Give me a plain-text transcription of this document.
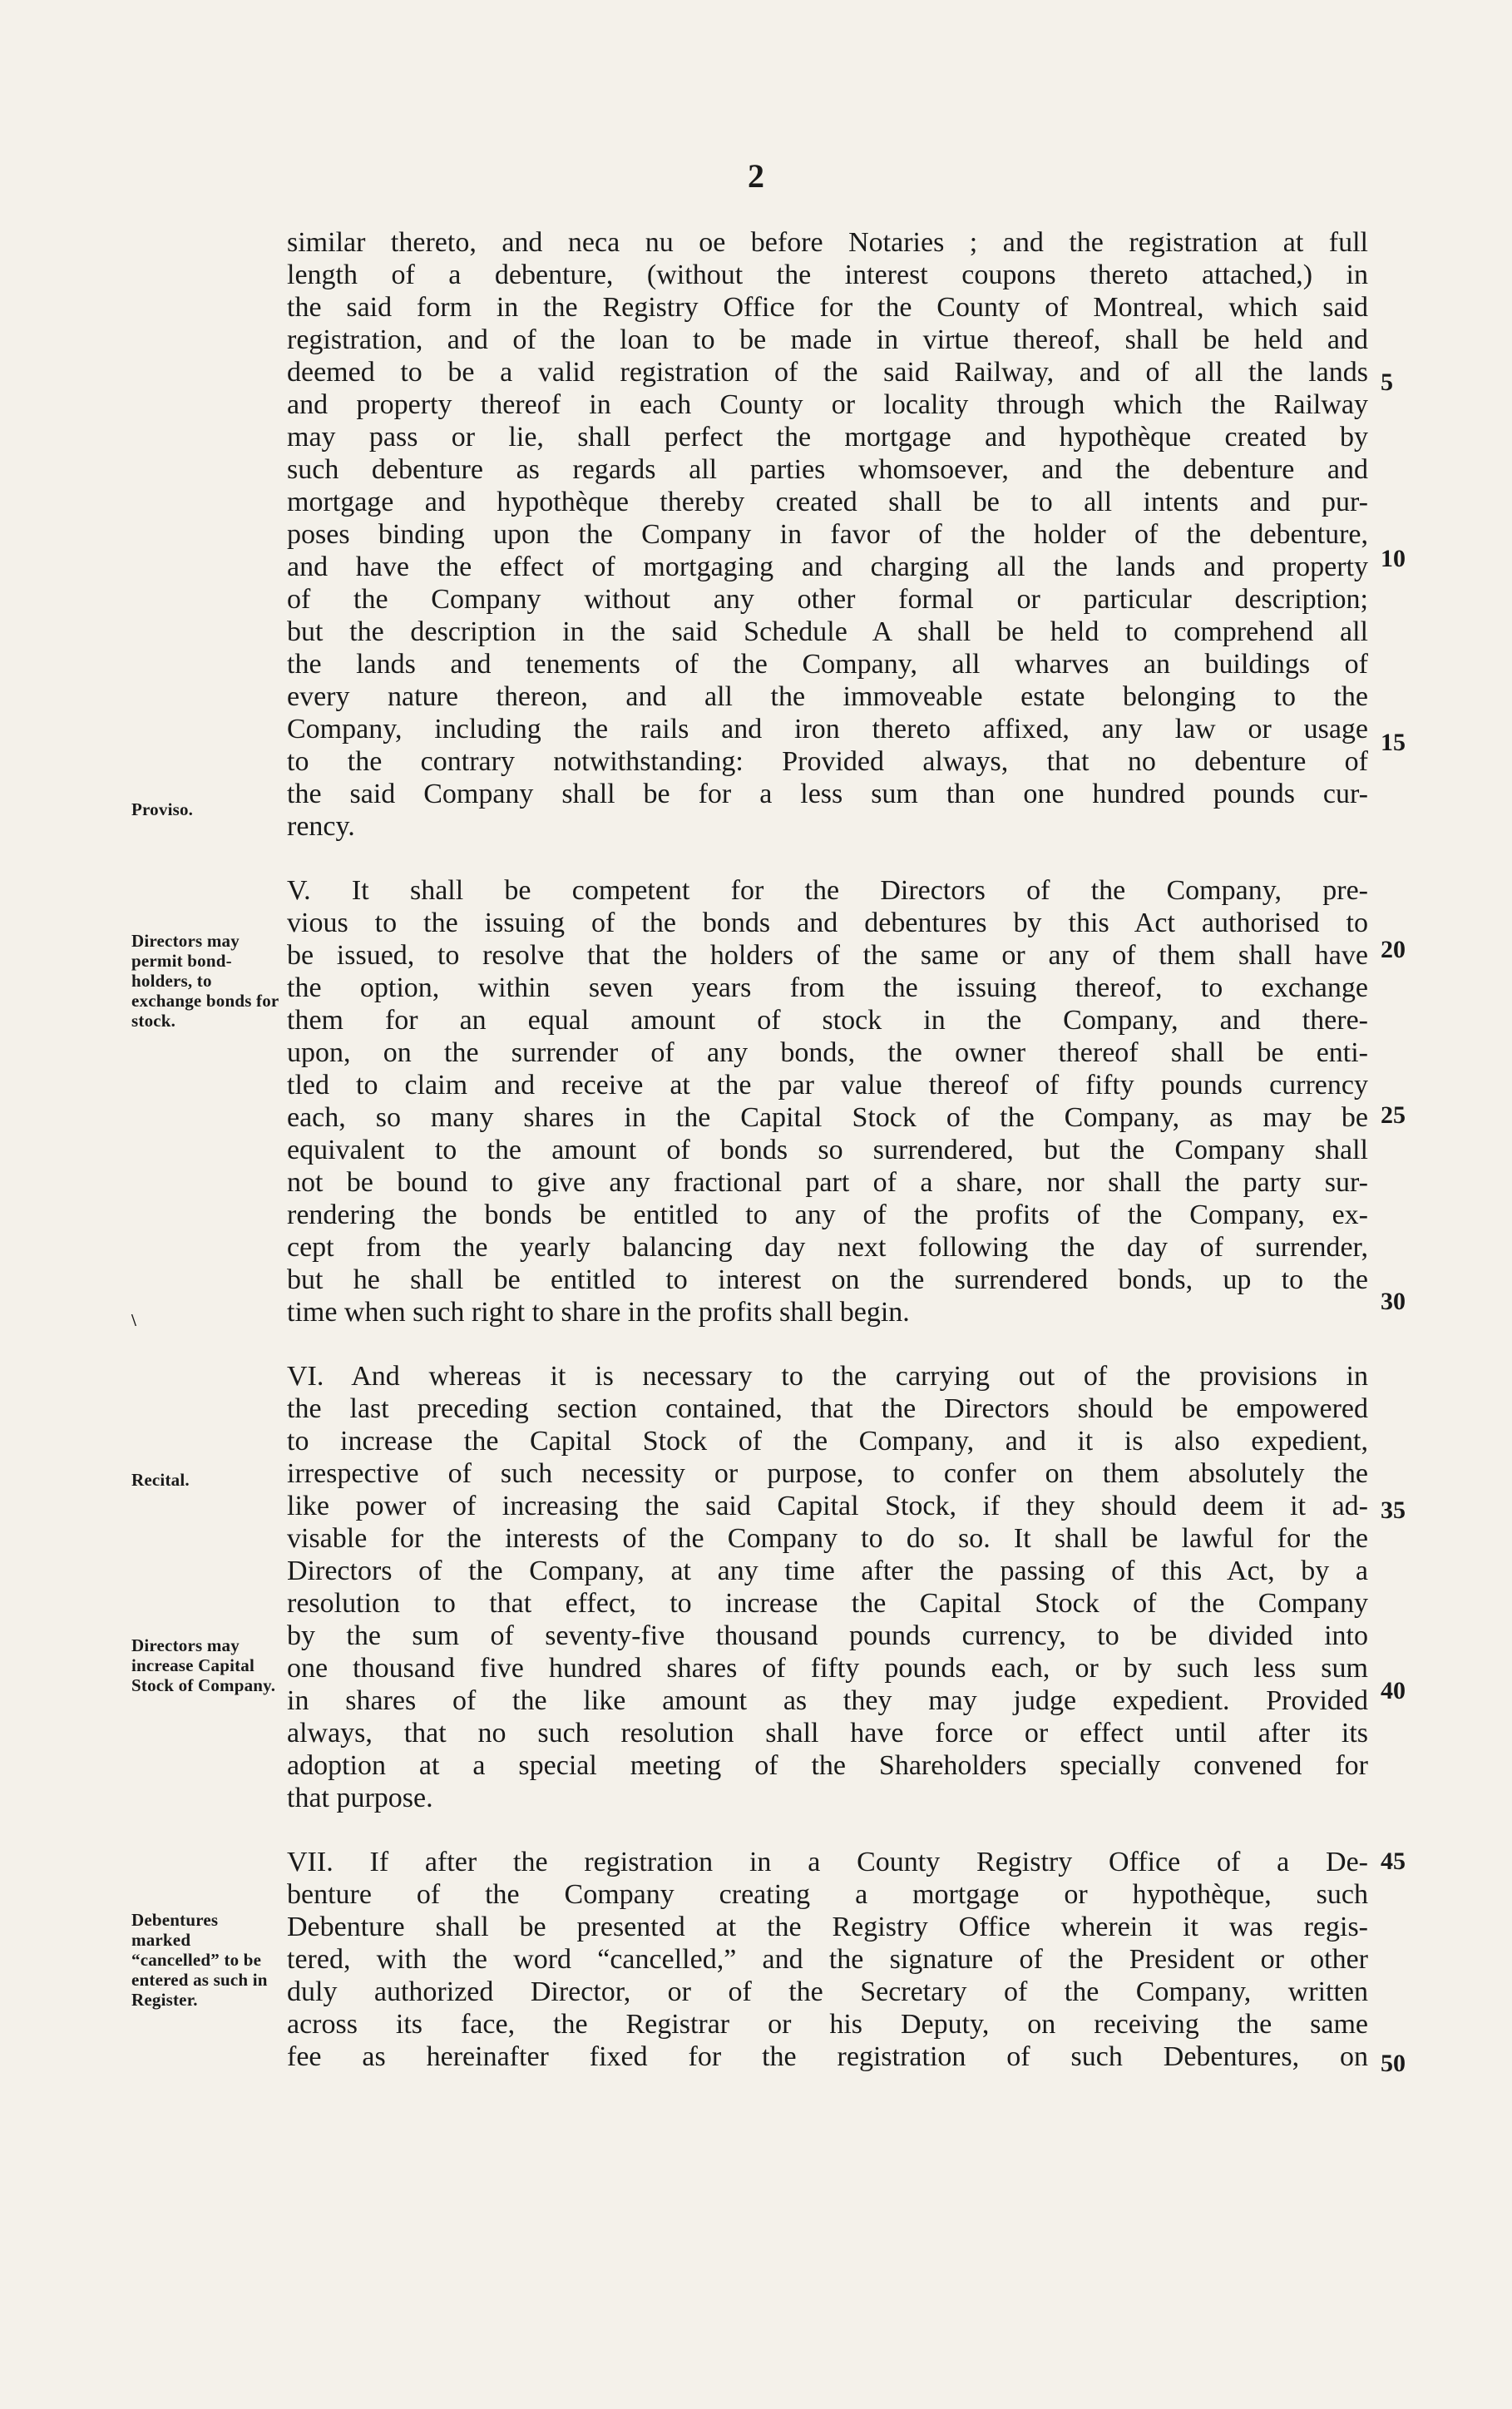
2
similar thereto, and neca nu oe before Notaries ; and the registration at full
length of a debenture, (without the interest coupons thereto attached,) in
the said form in the Registry Office for the County of Montreal, which said
registration, and of the loan to be made in virtue thereof, shall be held and
deemed to be a valid registration of the said Railway, and of all the lands
and property thereof in each County or locality through which the Railway
may pass or lie, shall perfect the mortgage and hypothèque created by
such debenture as regards all parties whomsoever, and the debenture and
mortgage and hypothèque thereby created shall be to all intents and pur-
poses binding upon the Company in favor of the holder of the debenture,
and have the effect of mortgaging and charging all the lands and property
of the Company without any other formal or particular description;
but the description in the said Schedule A shall be held to comprehend all
the lands and tenements of the Company, all wharves an buildings of
every nature thereon, and all the immoveable estate belonging to the
Company, including the rails and iron thereto affixed, any law or usage
to the contrary notwithstanding: Provided always, that no debenture of
the said Company shall be for a less sum than one hundred pounds cur-
rency.
V. It shall be competent for the Directors of the Company, pre-
vious to the issuing of the bonds and debentures by this Act authorised to
be issued, to resolve that the holders of the same or any of them shall have
the option, within seven years from the issuing thereof, to exchange
them for an equal amount of stock in the Company, and there-
upon, on the surrender of any bonds, the owner thereof shall be enti-
tled to claim and receive at the par value thereof of fifty pounds currency
each, so many shares in the Capital Stock of the Company, as may be
equivalent to the amount of bonds so surrendered, but the Company shall
not be bound to give any fractional part of a share, nor shall the party sur-
rendering the bonds be entitled to any of the profits of the Company, ex-
cept from the yearly balancing day next following the day of surrender,
but he shall be entitled to interest on the surrendered bonds, up to the
time when such right to share in the profits shall begin.
VI. And whereas it is necessary to the carrying out of the provisions in
the last preceding section contained, that the Directors should be empowered
to increase the Capital Stock of the Company, and it is also expedient,
irrespective of such necessity or purpose, to confer on them absolutely the
like power of increasing the said Capital Stock, if they should deem it ad-
visable for the interests of the Company to do so. It shall be lawful for the
Directors of the Company, at any time after the passing of this Act, by a
resolution to that effect, to increase the Capital Stock of the Company
by the sum of seventy-five thousand pounds currency, to be divided into
one thousand five hundred shares of fifty pounds each, or by such less sum
in shares of the like amount as they may judge expedient. Provided
always, that no such resolution shall have force or effect until after its
adoption at a special meeting of the Shareholders specially convened for
that purpose.
VII. If after the registration in a County Registry Office of a De-
benture of the Company creating a mortgage or hypothèque, such
Debenture shall be presented at the Registry Office wherein it was regis-
tered, with the word “cancelled,” and the signature of the President or other
duly authorized Director, or of the Secretary of the Company, written
across its face, the Registrar or his Deputy, on receiving the same
fee as hereinafter fixed for the registration of such Debentures, on
Proviso.
Directors may permit bond-holders, to exchange bonds for stock.
\
Recital.
Directors may increase Capital Stock of Company.
Debentures marked “cancelled” to be entered as such in Register.
5
10
15
20
25
30
35
40
45
50
